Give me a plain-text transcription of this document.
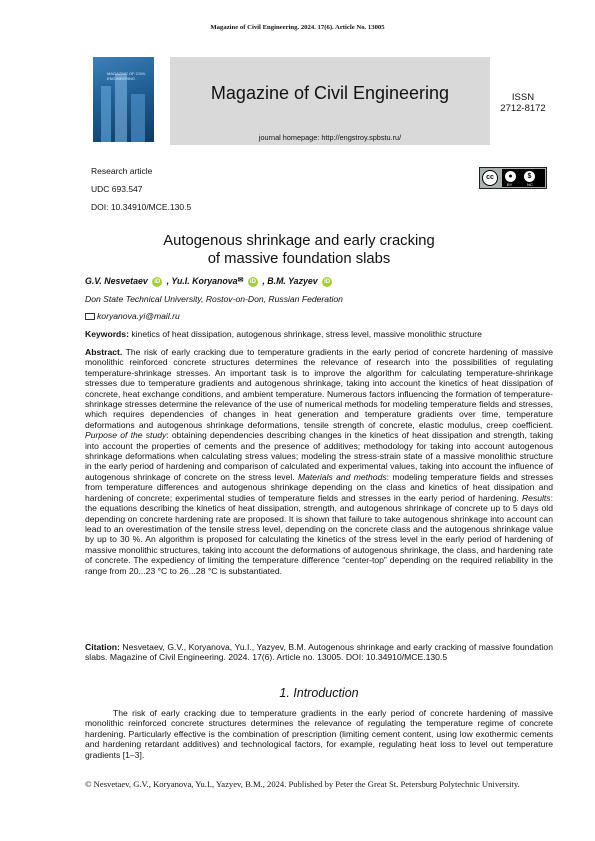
Magazine of Civil Engineering. 2024. 17(6). Article No. 13005
MAGAZINE OF CIVIL ENGINEERING
Magazine of Civil Engineering
journal homepage: http://engstroy.spbstu.ru/
ISSN
2712-8172
Research article
UDC 693.547
DOI: 10.34910/MCE.130.5
cc	●	$
BY	NC
Autogenous shrinkage and early cracking
of massive foundation slabs
G.V. Nesvetaev iD , Yu.I. Koryanova✉ iD , B.M. Yazyev iD
Don State Technical University, Rostov-on-Don, Russian Federation
koryanova.yi@mail.ru
Keywords: kinetics of heat dissipation, autogenous shrinkage, stress level, massive monolithic structure
Abstract. The risk of early cracking due to temperature gradients in the early period of concrete hardening of massive monolithic reinforced concrete structures determines the relevance of research into the possibilities of regulating temperature-shrinkage stresses. An important task is to improve the algorithm for calculating temperature-shrinkage stresses due to temperature gradients and autogenous shrinkage, taking into account the kinetics of heat dissipation of concrete, heat exchange conditions, and ambient temperature. Numerous factors influencing the formation of temperature-shrinkage stresses determine the relevance of the use of numerical methods for modeling temperature fields and stresses, which requires dependencies of changes in heat generation and temperature gradients over time, temperature deformations and autogenous shrinkage deformations, tensile strength of concrete, elastic modulus, creep coefficient. Purpose of the study: obtaining dependencies describing changes in the kinetics of heat dissipation and strength, taking into account the properties of cements and the presence of additives; methodology for taking into account autogenous shrinkage deformations when calculating stress values; modeling the stress-strain state of a massive monolithic structure in the early period of hardening and comparison of calculated and experimental values, taking into account the influence of autogenous shrinkage of concrete on the stress level. Materials and methods: modeling temperature fields and stresses from temperature differences and autogenous shrinkage depending on the class and kinetics of heat dissipation and hardening of concrete; experimental studies of temperature fields and stresses in the early period of hardening. Results: the equations describing the kinetics of heat dissipation, strength, and autogenous shrinkage of concrete up to 5 days old depending on concrete hardening rate are proposed. It is shown that failure to take autogenous shrinkage into account can lead to an overestimation of the tensile stress level, depending on the concrete class and the autogenous shrinkage value by up to 30 %. An algorithm is proposed for calculating the kinetics of the stress level in the early period of hardening of massive monolithic structures, taking into account the deformations of autogenous shrinkage, the class, and hardening rate of concrete. The expediency of limiting the temperature difference “center-top” depending on the required reliability in the range from 20...23 °C to 26...28 °C is substantiated.
Citation: Nesvetaev, G.V., Koryanova, Yu.I., Yazyev, B.M. Autogenous shrinkage and early cracking of massive foundation slabs. Magazine of Civil Engineering. 2024. 17(6). Article no. 13005. DOI: 10.34910/MCE.130.5
1. Introduction
The risk of early cracking due to temperature gradients in the early period of concrete hardening of massive monolithic reinforced concrete structures determines the relevance of regulating the temperature regime of concrete hardening. Particularly effective is the combination of prescription (limiting cement content, using low exothermic cements and hardening retardant additives) and technological factors, for example, regulating heat loss to level out temperature gradients [1–3].
© Nesvetaev, G.V., Koryanova, Yu.I., Yazyev, B.M., 2024. Published by Peter the Great St. Petersburg Polytechnic University.
